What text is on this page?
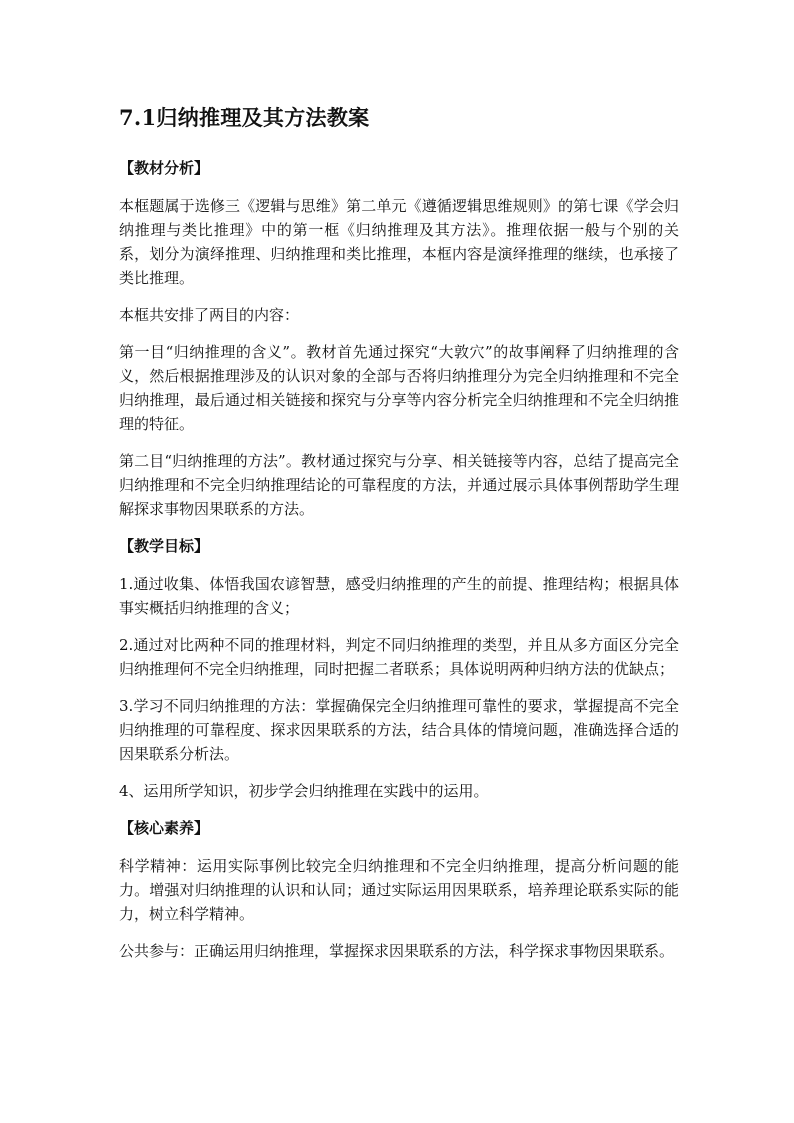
7.1归纳推理及其方法教案
【教材分析】

本框题属于选修三《逻辑与思维》第二单元《遵循逻辑思维规则》的第七课《学会归纳推理与类比推理》中的第一框《归纳推理及其方法》。推理依据一般与个别的关系，划分为演绎推理、归纳推理和类比推理，本框内容是演绎推理的继续，也承接了类比推理。

本框共安排了两目的内容：

第一目“归纳推理的含义”。教材首先通过探究“大敦穴”的故事阐释了归纳推理的含义，然后根据推理涉及的认识对象的全部与否将归纳推理分为完全归纳推理和不完全归纳推理，最后通过相关链接和探究与分享等内容分析完全归纳推理和不完全归纳推理的特征。

第二目“归纳推理的方法”。教材通过探究与分享、相关链接等内容，总结了提高完全归纳推理和不完全归纳推理结论的可靠程度的方法，并通过展示具体事例帮助学生理解探求事物因果联系的方法。

【教学目标】

1.通过收集、体悟我国农谚智慧，感受归纳推理的产生的前提、推理结构；根据具体事实概括归纳推理的含义；

2.通过对比两种不同的推理材料，判定不同归纳推理的类型，并且从多方面区分完全归纳推理何不完全归纳推理，同时把握二者联系；具体说明两种归纳方法的优缺点；

3.学习不同归纳推理的方法：掌握确保完全归纳推理可靠性的要求，掌握提高不完全归纳推理的可靠程度、探求因果联系的方法，结合具体的情境问题，准确选择合适的因果联系分析法。

4、运用所学知识，初步学会归纳推理在实践中的运用。

【核心素养】

科学精神：运用实际事例比较完全归纳推理和不完全归纳推理，提高分析问题的能力。增强对归纳推理的认识和认同；通过实际运用因果联系，培养理论联系实际的能力，树立科学精神。

公共参与：正确运用归纳推理，掌握探求因果联系的方法，科学探求事物因果联系。
